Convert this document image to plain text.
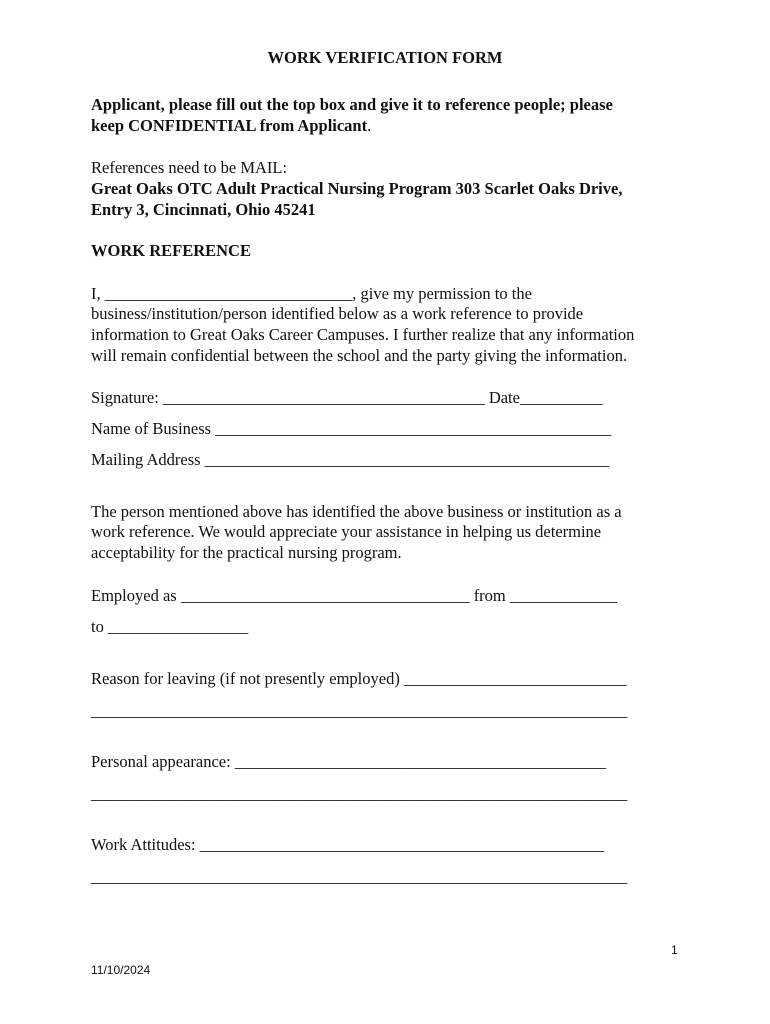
WORK VERIFICATION FORM

Applicant, please fill out the top box and give it to reference people; please

keep CONFIDENTIAL from Applicant.

References need to be MAIL:

Great Oaks OTC Adult Practical Nursing Program 303 Scarlet Oaks Drive,

Entry 3, Cincinnati, Ohio 45241

WORK REFERENCE

I, ______________________________, give my permission to the

business/institution/person identified below as a work reference to provide

information to Great Oaks Career Campuses. I further realize that any information

will remain confidential between the school and the party giving the information.

Signature: _______________________________________ Date__________

Name of Business ________________________________________________

Mailing Address _________________________________________________

The person mentioned above has identified the above business or institution as a

work reference. We would appreciate your assistance in helping us determine

acceptability for the practical nursing program.

Employed as ___________________________________ from _____________

to _________________

Reason for leaving (if not presently employed) ___________________________

_________________________________________________________________

Personal appearance: _____________________________________________

_________________________________________________________________

Work Attitudes: _________________________________________________

_________________________________________________________________

1
11/10/2024
